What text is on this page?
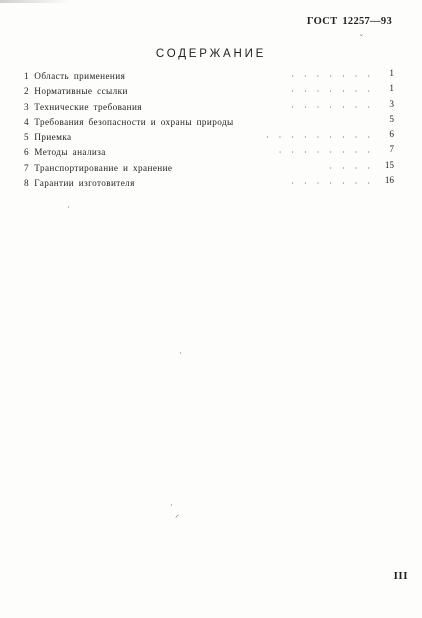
ГОСТ 12257—93
СОДЕРЖАНИЕ
1 Область применения	·······	1
2 Нормативные ссылки	·······	1
3 Технические требования	·······	3
4 Требования безопасности и охраны природы	5
5 Приемка	·········	6
6 Методы анализа	········	7
7 Транспортирование и хранение	···· 15
8 Гарантии изготовителя	······· 16
˘
·
·
·
⸝
III
